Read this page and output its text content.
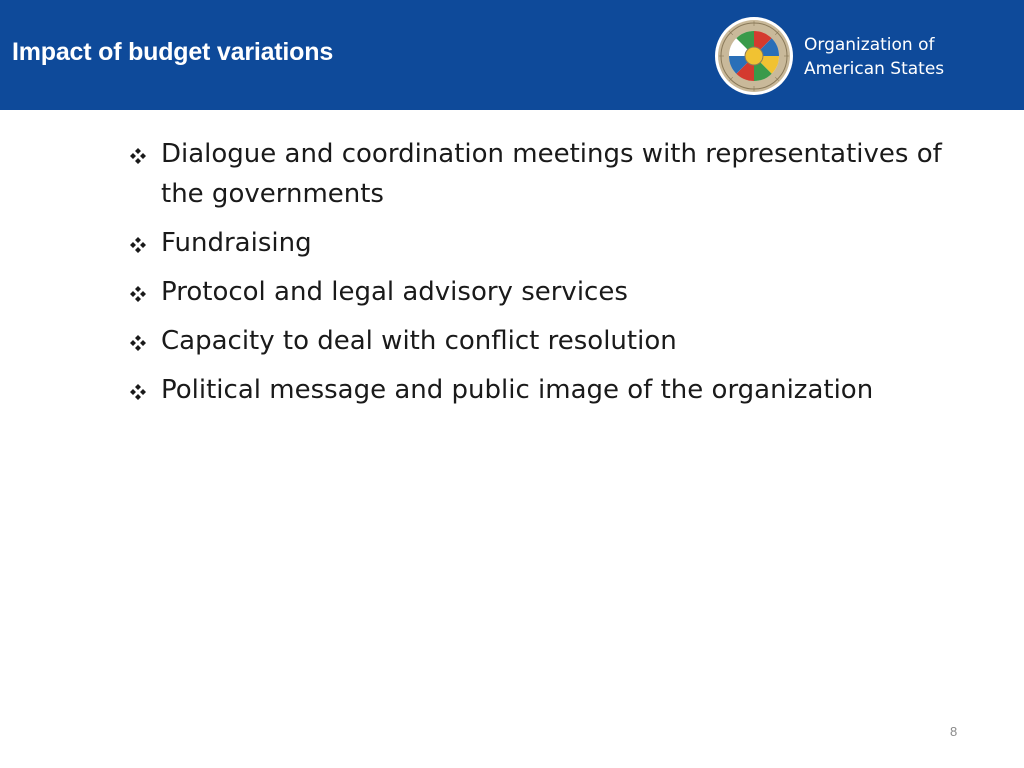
Impact of budget variations	Organization of
American States
Dialogue and coordination meetings with representatives of the governments
Fundraising
Protocol and legal advisory services
Capacity to deal with conflict resolution
Political message and public image of the organization
8
